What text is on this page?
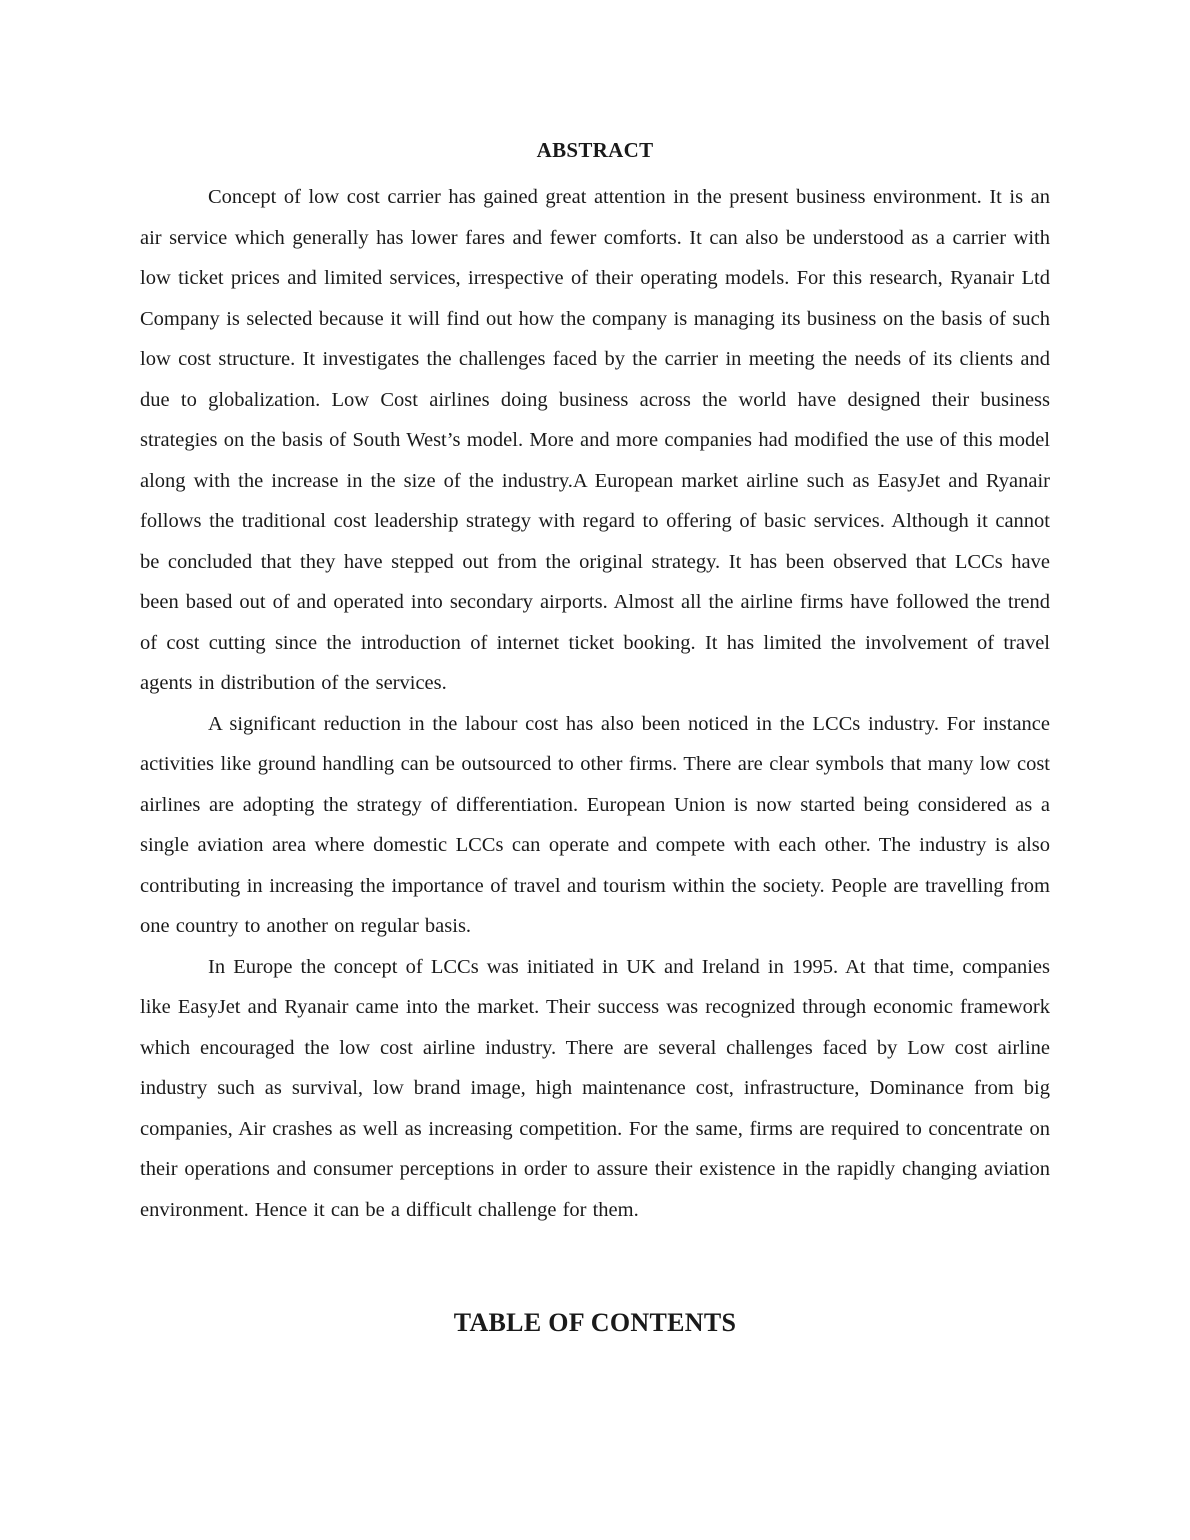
ABSTRACT

Concept of low cost carrier has gained great attention in the present business environment. It is an air service which generally has lower fares and fewer comforts. It can also be understood as a carrier with low ticket prices and limited services, irrespective of their operating models. For this research, Ryanair Ltd Company is selected because it will find out how the company is managing its business on the basis of such low cost structure. It investigates the challenges faced by the carrier in meeting the needs of its clients and due to globalization. Low Cost airlines doing business across the world have designed their business strategies on the basis of South West’s model. More and more companies had modified the use of this model along with the increase in the size of the industry.A European market airline such as EasyJet and Ryanair follows the traditional cost leadership strategy with regard to offering of basic services. Although it cannot be concluded that they have stepped out from the original strategy. It has been observed that LCCs have been based out of and operated into secondary airports. Almost all the airline firms have followed the trend of cost cutting since the introduction of internet ticket booking. It has limited the involvement of travel agents in distribution of the services.

A significant reduction in the labour cost has also been noticed in the LCCs industry. For instance activities like ground handling can be outsourced to other firms. There are clear symbols that many low cost airlines are adopting the strategy of differentiation. European Union is now started being considered as a single aviation area where domestic LCCs can operate and compete with each other. The industry is also contributing in increasing the importance of travel and tourism within the society. People are travelling from one country to another on regular basis.

In Europe the concept of LCCs was initiated in UK and Ireland in 1995. At that time, companies like EasyJet and Ryanair came into the market. Their success was recognized through economic framework which encouraged the low cost airline industry. There are several challenges faced by Low cost airline industry such as survival, low brand image, high maintenance cost, infrastructure, Dominance from big companies, Air crashes as well as increasing competition. For the same, firms are required to concentrate on their operations and consumer perceptions in order to assure their existence in the rapidly changing aviation environment. Hence it can be a difficult challenge for them.

TABLE OF CONTENTS
